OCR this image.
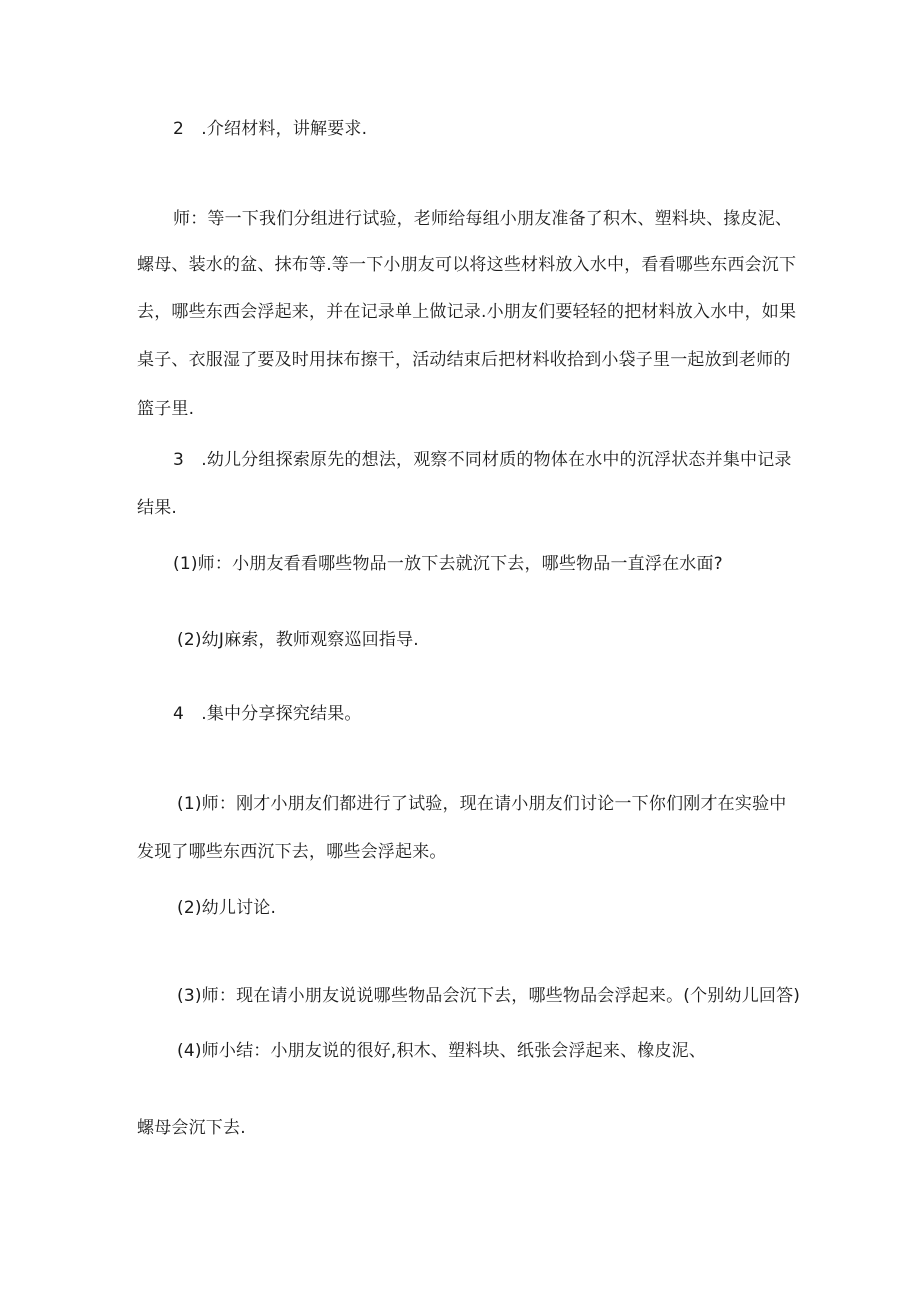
2　.介绍材料，讲解要求.
师：等一下我们分组进行试验，老师给每组小朋友准备了积木、塑料块、掾皮泥、
螺母、装水的盆、抹布等.等一下小朋友可以将这些材料放入水中，看看哪些东西会沉下
去，哪些东西会浮起来，并在记录单上做记录.小朋友们要轻轻的把材料放入水中，如果
桌子、衣服湿了要及时用抹布擦干，活动结束后把材料收拾到小袋子里一起放到老师的
篮子里.
3　.幼儿分组探索原先的想法，观察不同材质的物体在水中的沉浮状态并集中记录
结果.
(1)师：小朋友看看哪些物品一放下去就沉下去，哪些物品一直浮在水面?
(2)幼J麻索，教师观察巡回指导.
4　.集中分享探究结果。
(1)师：刚才小朋友们都进行了试验，现在请小朋友们讨论一下你们刚才在实验中
发现了哪些东西沉下去，哪些会浮起来。
(2)幼儿讨论.
(3)师：现在请小朋友说说哪些物品会沉下去，哪些物品会浮起来。(个别幼儿回答)
(4)师小结：小朋友说的很好,积木、塑料块、纸张会浮起来、橡皮泥、
螺母会沉下去.
